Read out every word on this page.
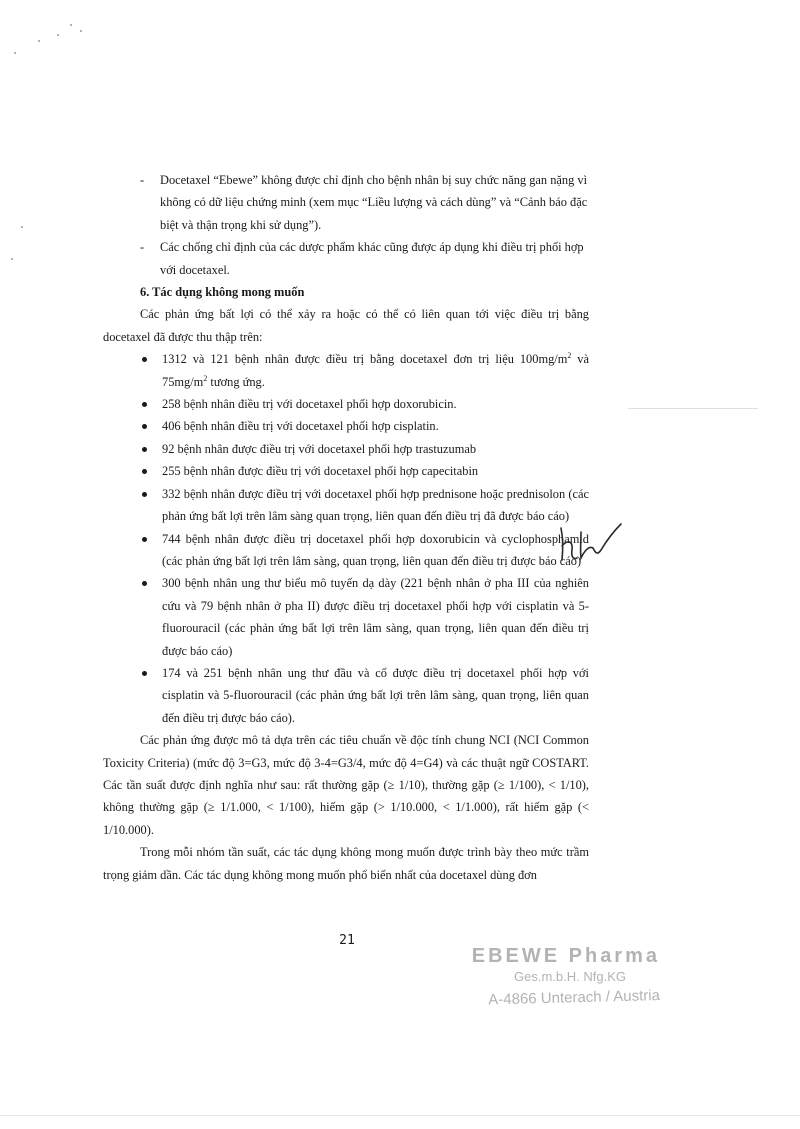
-	Docetaxel “Ebewe” không được chỉ định cho bệnh nhân bị suy chức năng gan nặng vì không có dữ liệu chứng minh (xem mục “Liều lượng và cách dùng” và “Cảnh báo đặc biệt và thận trọng khi sử dụng”).
-	Các chống chỉ định của các dược phẩm khác cũng được áp dụng khi điều trị phối hợp với docetaxel.
6. Tác dụng không mong muốn
Các phản ứng bất lợi có thể xảy ra hoặc có thể có liên quan tới việc điều trị bằng docetaxel đã được thu thập trên:
1312 và 121 bệnh nhân được điều trị bằng docetaxel đơn trị liệu $100mg/m^2$ và $75mg/m^2$ tương ứng.
258 bệnh nhân điều trị với docetaxel phối hợp doxorubicin.
406 bệnh nhân điều trị với docetaxel phối hợp cisplatin.
92 bệnh nhân được điều trị với docetaxel phối hợp trastuzumab
255 bệnh nhân được điều trị với docetaxel phối hợp capecitabin
332 bệnh nhân được điều trị với docetaxel phối hợp prednisone hoặc prednisolon (các phản ứng bất lợi trên lâm sàng quan trọng, liên quan đến điều trị đã được báo cáo)
744 bệnh nhân được điều trị docetaxel phối hợp doxorubicin và cyclophosphamid (các phản ứng bất lợi trên lâm sàng, quan trọng, liên quan đến điều trị được báo cáo)
300 bệnh nhân ung thư biểu mô tuyến dạ dày (221 bệnh nhân ở pha III của nghiên cứu và 79 bệnh nhân ở pha II) được điều trị docetaxel phối hợp với cisplatin và 5-fluorouracil (các phản ứng bất lợi trên lâm sàng, quan trọng, liên quan đến điều trị được báo cáo)
174 và 251 bệnh nhân ung thư đầu và cổ được điều trị docetaxel phối hợp với cisplatin và 5-fluorouracil (các phản ứng bất lợi trên lâm sàng, quan trọng, liên quan đến điều trị được báo cáo).
Các phản ứng được mô tả dựa trên các tiêu chuẩn về độc tính chung NCI (NCI Common Toxicity Criteria) (mức độ 3=G3, mức độ 3-4=G3/4, mức độ 4=G4) và các thuật ngữ COSTART. Các tần suất được định nghĩa như sau: rất thường gặp (≥ 1/10), thường gặp (≥ 1/100), < 1/10), không thường gặp (≥ 1/1.000, < 1/100), hiếm gặp (> 1/10.000, < 1/1.000), rất hiếm gặp (< 1/10.000).
Trong mỗi nhóm tần suất, các tác dụng không mong muốn được trình bày theo mức trầm trọng giảm dần. Các tác dụng không mong muốn phổ biến nhất của docetaxel dùng đơn
21
EBEWE Pharma
Ges.m.b.H. Nfg.KG
A-4866 Unterach / Austria
